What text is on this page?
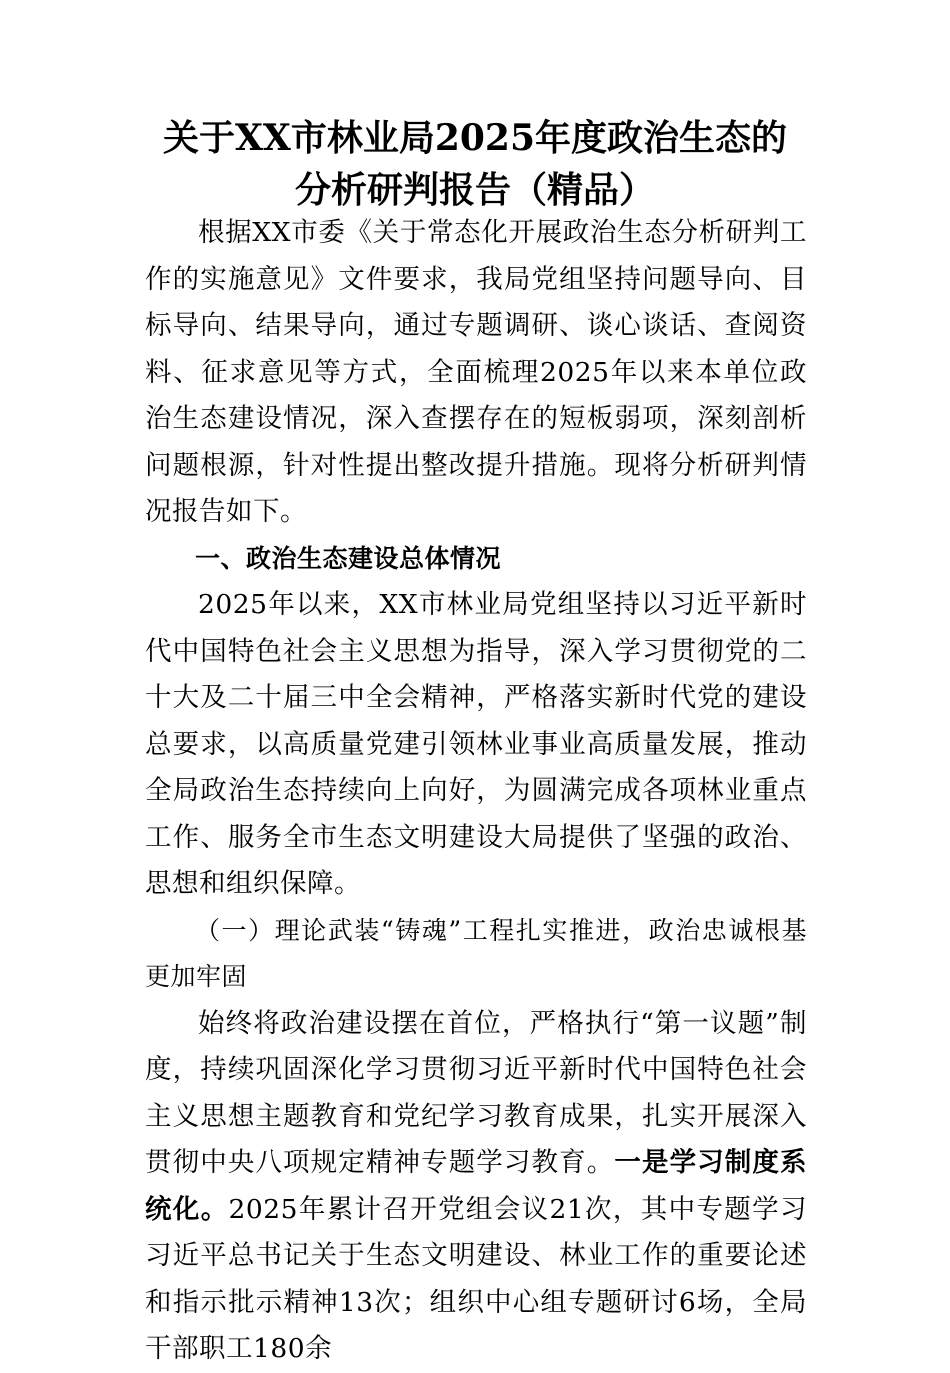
关于XX市林业局2025年度政治生态的分析研判报告（精品）

根据XX市委《关于常态化开展政治生态分析研判工作的实施意见》文件要求，我局党组坚持问题导向、目标导向、结果导向，通过专题调研、谈心谈话、查阅资料、征求意见等方式，全面梳理2025年以来本单位政治生态建设情况，深入查摆存在的短板弱项，深刻剖析问题根源，针对性提出整改提升措施。现将分析研判情况报告如下。

一、政治生态建设总体情况

2025年以来，XX市林业局党组坚持以习近平新时代中国特色社会主义思想为指导，深入学习贯彻党的二十大及二十届三中全会精神，严格落实新时代党的建设总要求，以高质量党建引领林业事业高质量发展，推动全局政治生态持续向上向好，为圆满完成各项林业重点工作、服务全市生态文明建设大局提供了坚强的政治、思想和组织保障。

（一）理论武装“铸魂”工程扎实推进，政治忠诚根基更加牢固

始终将政治建设摆在首位，严格执行“第一议题”制度，持续巩固深化学习贯彻习近平新时代中国特色社会主义思想主题教育和党纪学习教育成果，扎实开展深入贯彻中央八项规定精神专题学习教育。一是学习制度系统化。2025年累计召开党组会议21次，其中专题学习习近平总书记关于生态文明建设、林业工作的重要论述和指示批示精神13次；组织中心组专题研讨6场，全局干部职工180余
